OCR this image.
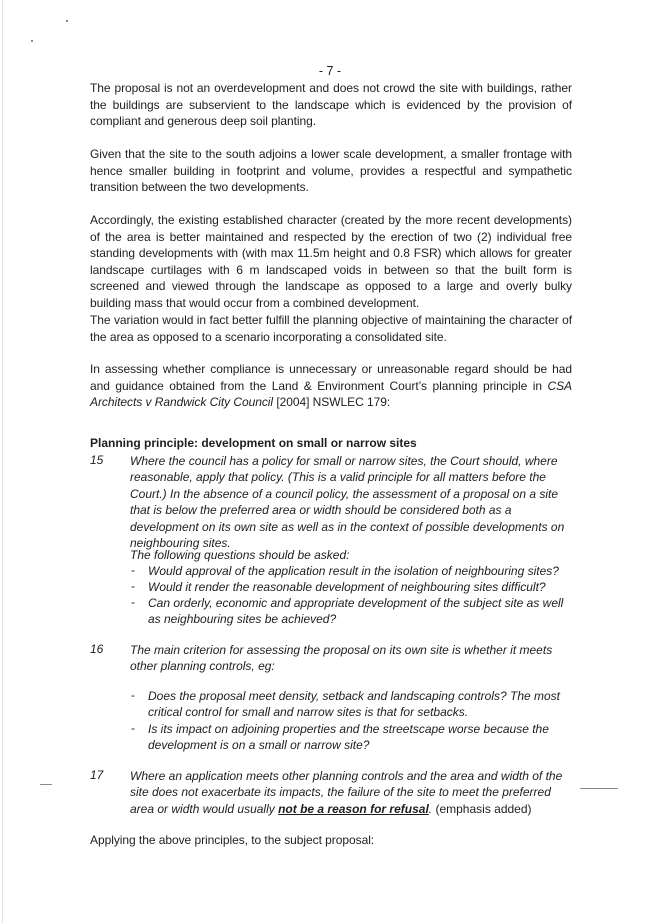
- 7 -

The proposal is not an overdevelopment and does not crowd the site with buildings, rather the buildings are subservient to the landscape which is evidenced by the provision of compliant and generous deep soil planting.

Given that the site to the south adjoins a lower scale development, a smaller frontage with hence smaller building in footprint and volume, provides a respectful and sympathetic transition between the two developments.

Accordingly, the existing established character (created by the more recent developments) of the area is better maintained and respected by the erection of two (2) individual free standing developments with (with max 11.5m height and 0.8 FSR) which allows for greater landscape curtilages with 6 m landscaped voids in between so that the built form is screened and viewed through the landscape as opposed to a large and overly bulky building mass that would occur from a combined development.

The variation would in fact better fulfill the planning objective of maintaining the character of the area as opposed to a scenario incorporating a consolidated site.

In assessing whether compliance is unnecessary or unreasonable regard should be had and guidance obtained from the Land & Environment Court’s planning principle in CSA Architects v Randwick City Council [2004] NSWLEC 179:

Planning principle: development on small or narrow sites
15 Where the council has a policy for small or narrow sites, the Court should, where reasonable, apply that policy. (This is a valid principle for all matters before the Court.) In the absence of a council policy, the assessment of a proposal on a site that is below the preferred area or width should be considered both as a development on its own site as well as in the context of possible developments on neighbouring sites.
The following questions should be asked:
- Would approval of the application result in the isolation of neighbouring sites?
- Would it render the reasonable development of neighbouring sites difficult?
- Can orderly, economic and appropriate development of the subject site as well as neighbouring sites be achieved?
16 The main criterion for assessing the proposal on its own site is whether it meets other planning controls, eg:
- Does the proposal meet density, setback and landscaping controls? The most critical control for small and narrow sites is that for setbacks.
- Is its impact on adjoining properties and the streetscape worse because the development is on a small or narrow site?
17 Where an application meets other planning controls and the area and width of the site does not exacerbate its impacts, the failure of the site to meet the preferred area or width would usually not be a reason for refusal. (emphasis added)

Applying the above principles, to the subject proposal:
